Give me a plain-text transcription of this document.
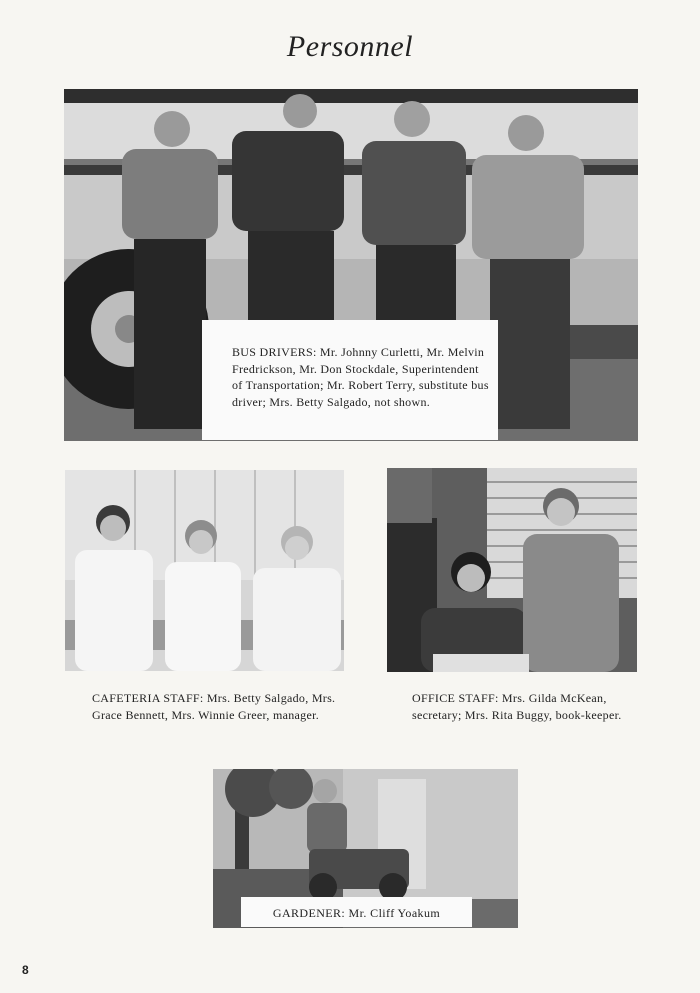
Personnel
BUS DRIVERS: Mr. Johnny Curletti, Mr. Melvin Fredrickson, Mr. Don Stockdale, Superintendent of Transportation; Mr. Robert Terry, substitute bus driver; Mrs. Betty Salgado, not shown.
CAFETERIA STAFF: Mrs. Betty Salgado, Mrs. Grace Bennett, Mrs. Winnie Greer, manager.
OFFICE STAFF: Mrs. Gilda McKean, secretary; Mrs. Rita Buggy, book-keeper.
GARDENER: Mr. Cliff Yoakum
8
